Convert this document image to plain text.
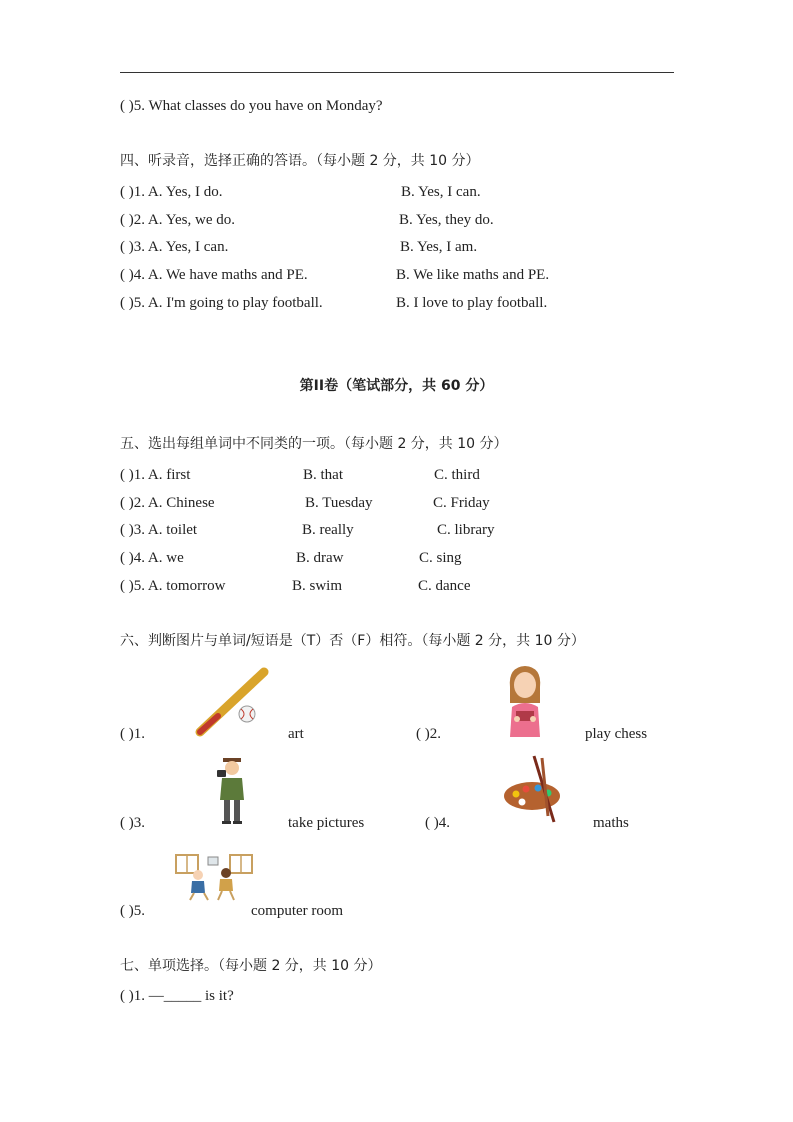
( )5. What classes do you have on Monday?
四、听录音，选择正确的答语。（每小题 2 分，共 10 分）
( )1. A. Yes, I do.	B. Yes, I can.
( )2. A. Yes, we do.	B. Yes, they do.
( )3. A. Yes, I can.	B. Yes, I am.
( )4. A. We have maths and PE.	B. We like maths and PE.
( )5. A. I'm going to play football.	B. I love to play football.
第II卷（笔试部分，共 60 分）
五、选出每组单词中不同类的一项。（每小题 2 分，共 10 分）
( )1. A. first	B. that	C. third
( )2. A. Chinese	B. Tuesday	C. Friday
( )3. A. toilet	B. really	C. library
( )4. A. we	B. draw	C. sing
( )5. A. tomorrow	B. swim	C. dance
六、判断图片与单词/短语是（T）否（F）相符。（每小题 2 分，共 10 分）
( )1.	art	( )2.	play chess
( )3.	take pictures	( )4.	maths
( )5.	computer room
七、单项选择。（每小题 2 分，共 10 分）
( )1. —_____ is it?
